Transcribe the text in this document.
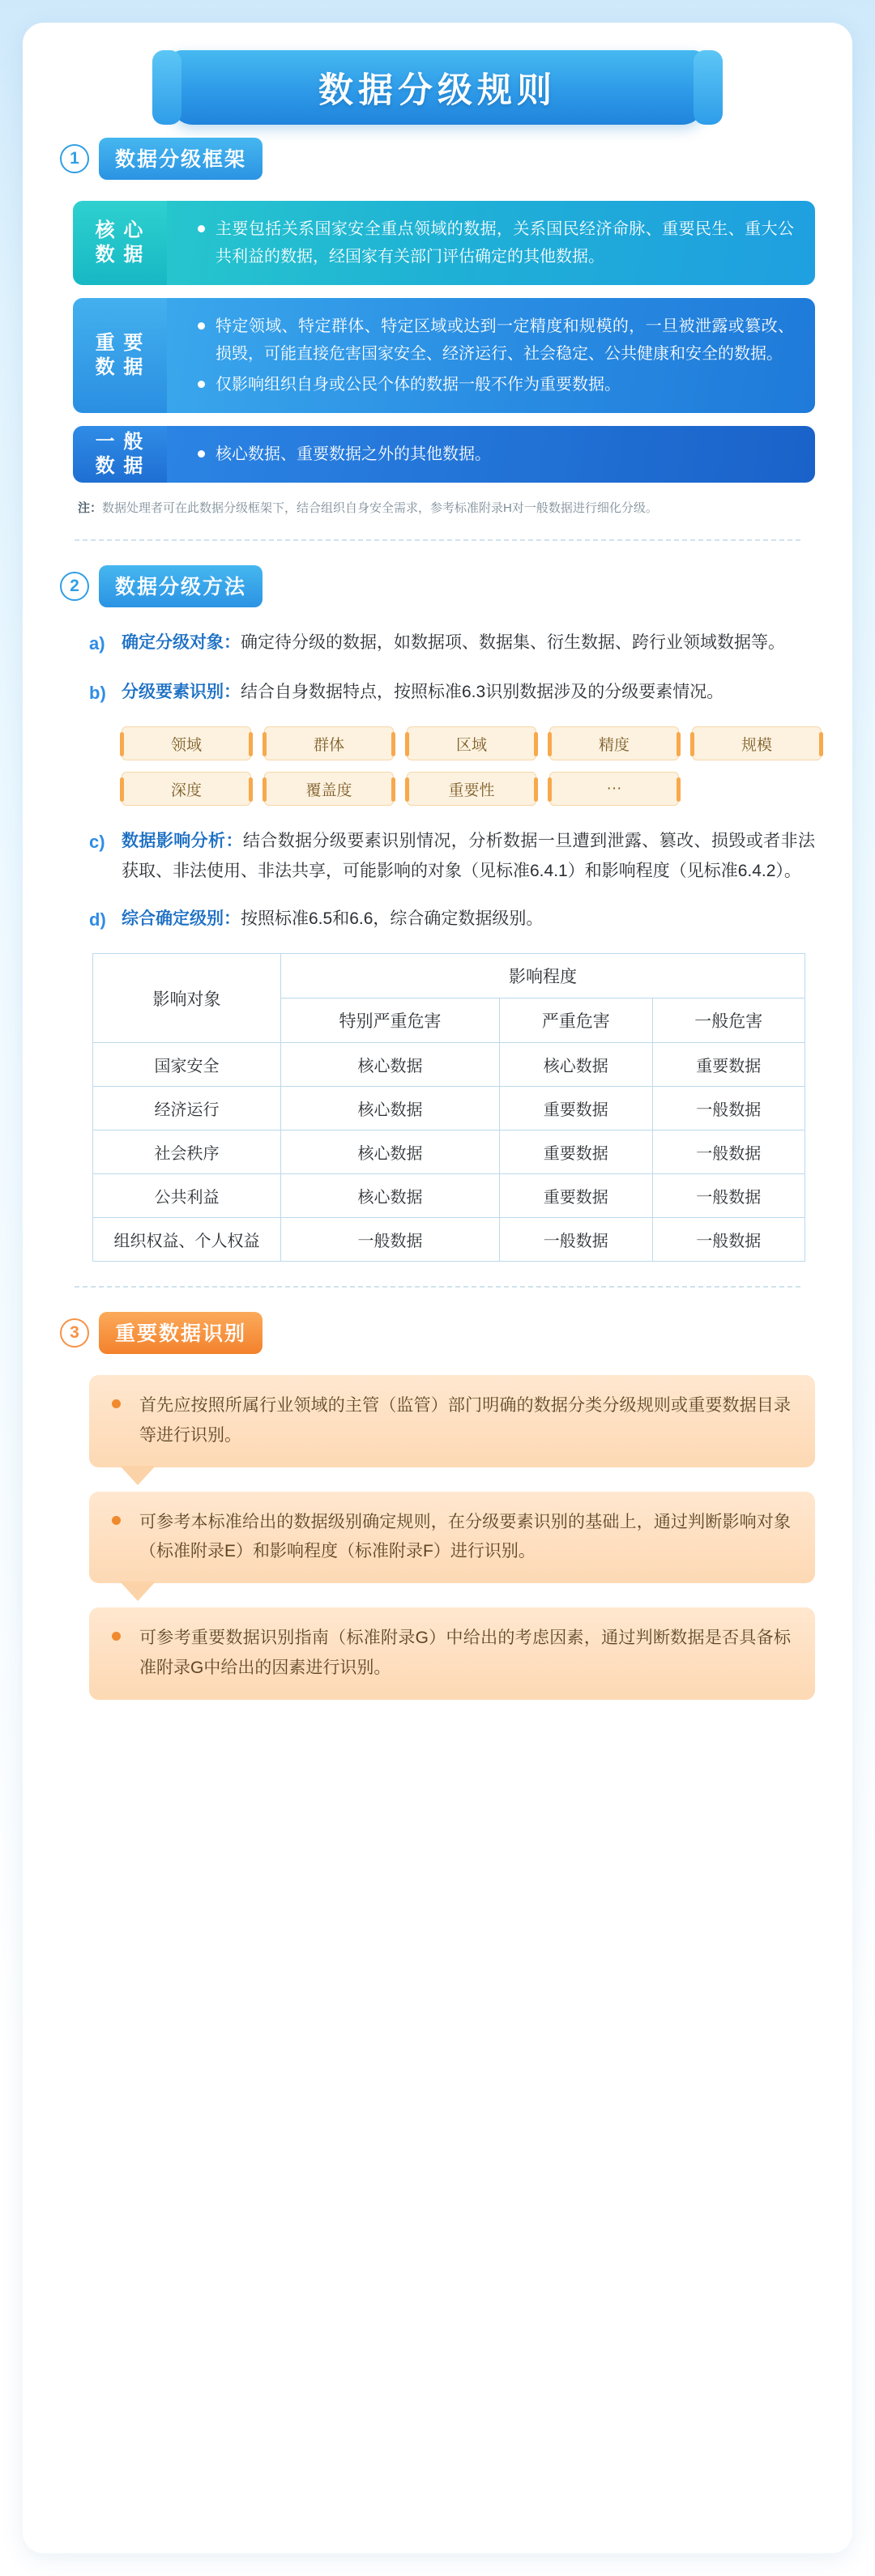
数据分级规则
1	数据分级框架
核 心
数 据
主要包括关系国家安全重点领域的数据，关系国民经济命脉、重要民生、重大公共利益的数据，经国家有关部门评估确定的其他数据。
重 要
数 据
特定领域、特定群体、特定区域或达到一定精度和规模的，一旦被泄露或篡改、损毁，可能直接危害国家安全、经济运行、社会稳定、公共健康和安全的数据。
仅影响组织自身或公民个体的数据一般不作为重要数据。
一 般
数 据
核心数据、重要数据之外的其他数据。
注：数据处理者可在此数据分级框架下，结合组织自身安全需求，参考标准附录H对一般数据进行细化分级。
2	数据分级方法
a) 确定分级对象：确定待分级的数据，如数据项、数据集、衍生数据、跨行业领域数据等。
b) 分级要素识别：结合自身数据特点，按照标准6.3识别数据涉及的分级要素情况。
领域	群体	区域	精度	规模
深度	覆盖度	重要性	···
c) 数据影响分析：结合数据分级要素识别情况，分析数据一旦遭到泄露、篡改、损毁或者非法获取、非法使用、非法共享，可能影响的对象（见标准6.4.1）和影响程度（见标准6.4.2）。
d) 综合确定级别：按照标准6.5和6.6，综合确定数据级别。
影响对象	影响程度		
	特别严重危害	严重危害	一般危害
国家安全	核心数据	核心数据	重要数据
经济运行	核心数据	重要数据	一般数据
社会秩序	核心数据	重要数据	一般数据
公共利益	核心数据	重要数据	一般数据
组织权益、个人权益	一般数据	一般数据	一般数据
3	重要数据识别
首先应按照所属行业领域的主管（监管）部门明确的数据分类分级规则或重要数据目录等进行识别。
可参考本标准给出的数据级别确定规则，在分级要素识别的基础上，通过判断影响对象（标准附录E）和影响程度（标准附录F）进行识别。
可参考重要数据识别指南（标准附录G）中给出的考虑因素，通过判断数据是否具备标准附录G中给出的因素进行识别。
